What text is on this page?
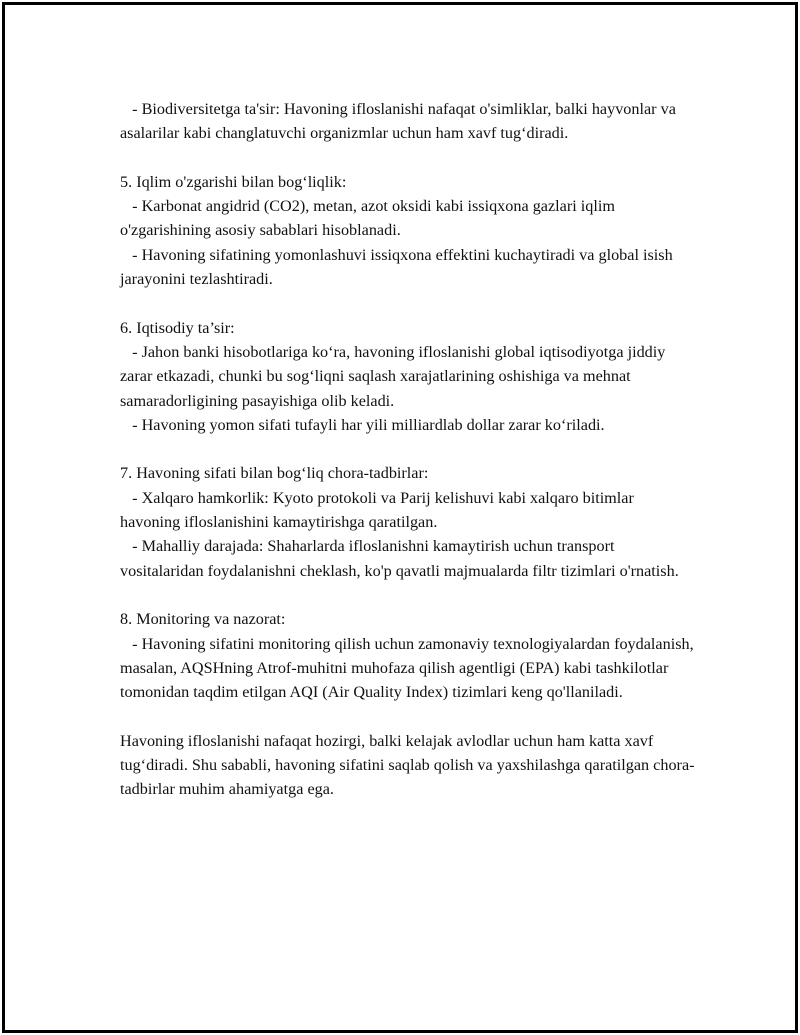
- Biodiversitetga ta'sir: Havoning ifloslanishi nafaqat o'simliklar, balki hayvonlar va asalarilar kabi changlatuvchi organizmlar uchun ham xavf tug‘diradi.

5. Iqlim o'zgarishi bilan bog‘liqlik:

- Karbonat angidrid (CO2), metan, azot oksidi kabi issiqxona gazlari iqlim o'zgarishining asosiy sabablari hisoblanadi.

- Havoning sifatining yomonlashuvi issiqxona effektini kuchaytiradi va global isish jarayonini tezlashtiradi.

6. Iqtisodiy ta’sir:

- Jahon banki hisobotlariga ko‘ra, havoning ifloslanishi global iqtisodiyotga jiddiy zarar etkazadi, chunki bu sog‘liqni saqlash xarajatlarining oshishiga va mehnat samaradorligining pasayishiga olib keladi.

- Havoning yomon sifati tufayli har yili milliardlab dollar zarar ko‘riladi.

7. Havoning sifati bilan bog‘liq chora-tadbirlar:

- Xalqaro hamkorlik: Kyoto protokoli va Parij kelishuvi kabi xalqaro bitimlar havoning ifloslanishini kamaytirishga qaratilgan.

- Mahalliy darajada: Shaharlarda ifloslanishni kamaytirish uchun transport vositalaridan foydalanishni cheklash, ko'p qavatli majmualarda filtr tizimlari o'rnatish.

8. Monitoring va nazorat:

- Havoning sifatini monitoring qilish uchun zamonaviy texnologiyalardan foydalanish, masalan, AQSHning Atrof-muhitni muhofaza qilish agentligi (EPA) kabi tashkilotlar tomonidan taqdim etilgan AQI (Air Quality Index) tizimlari keng qo'llaniladi.

Havoning ifloslanishi nafaqat hozirgi, balki kelajak avlodlar uchun ham katta xavf tug‘diradi. Shu sababli, havoning sifatini saqlab qolish va yaxshilashga qaratilgan chora-tadbirlar muhim ahamiyatga ega.
